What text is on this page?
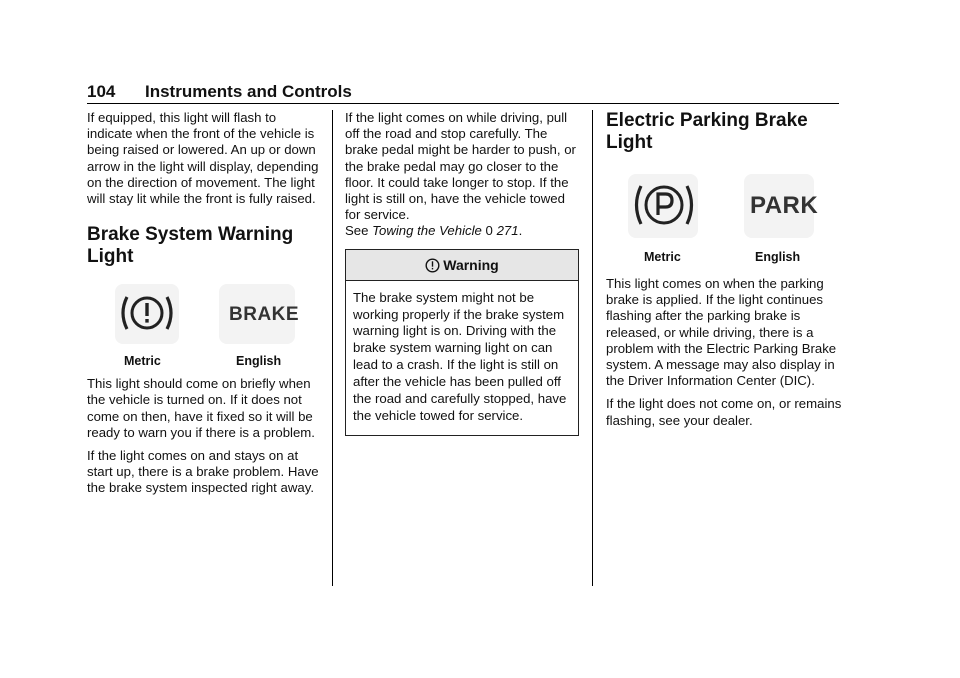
104 Instruments and Controls

If equipped, this light will flash to indicate when the front of the vehicle is being raised or lowered. An up or down arrow in the light will display, depending on the direction of movement. The light will stay lit while the front is fully raised.

Brake System Warning
Light
BRAKE
Metric	English

This light should come on briefly when the vehicle is turned on. If it does not come on then, have it fixed so it will be ready to warn you if there is a problem.

If the light comes on and stays on at start up, there is a brake problem. Have the brake system inspected right away.

If the light comes on while driving, pull off the road and stop carefully. The brake pedal might be harder to push, or the brake pedal may go closer to the floor. It could take longer to stop. If the light is still on, have the vehicle towed for service.

See Towing the Vehicle 0 271.

Warning
The brake system might not be working properly if the brake system warning light is on. Driving with the brake system warning light on can lead to a crash. If the light is still on after the vehicle has been pulled off the road and carefully stopped, have the vehicle towed for service.
Electric Parking Brake
Light
PARK
Metric	English

This light comes on when the parking brake is applied. If the light continues flashing after the parking brake is released, or while driving, there is a problem with the Electric Parking Brake system. A message may also display in the Driver Information Center (DIC).

If the light does not come on, or remains flashing, see your dealer.
